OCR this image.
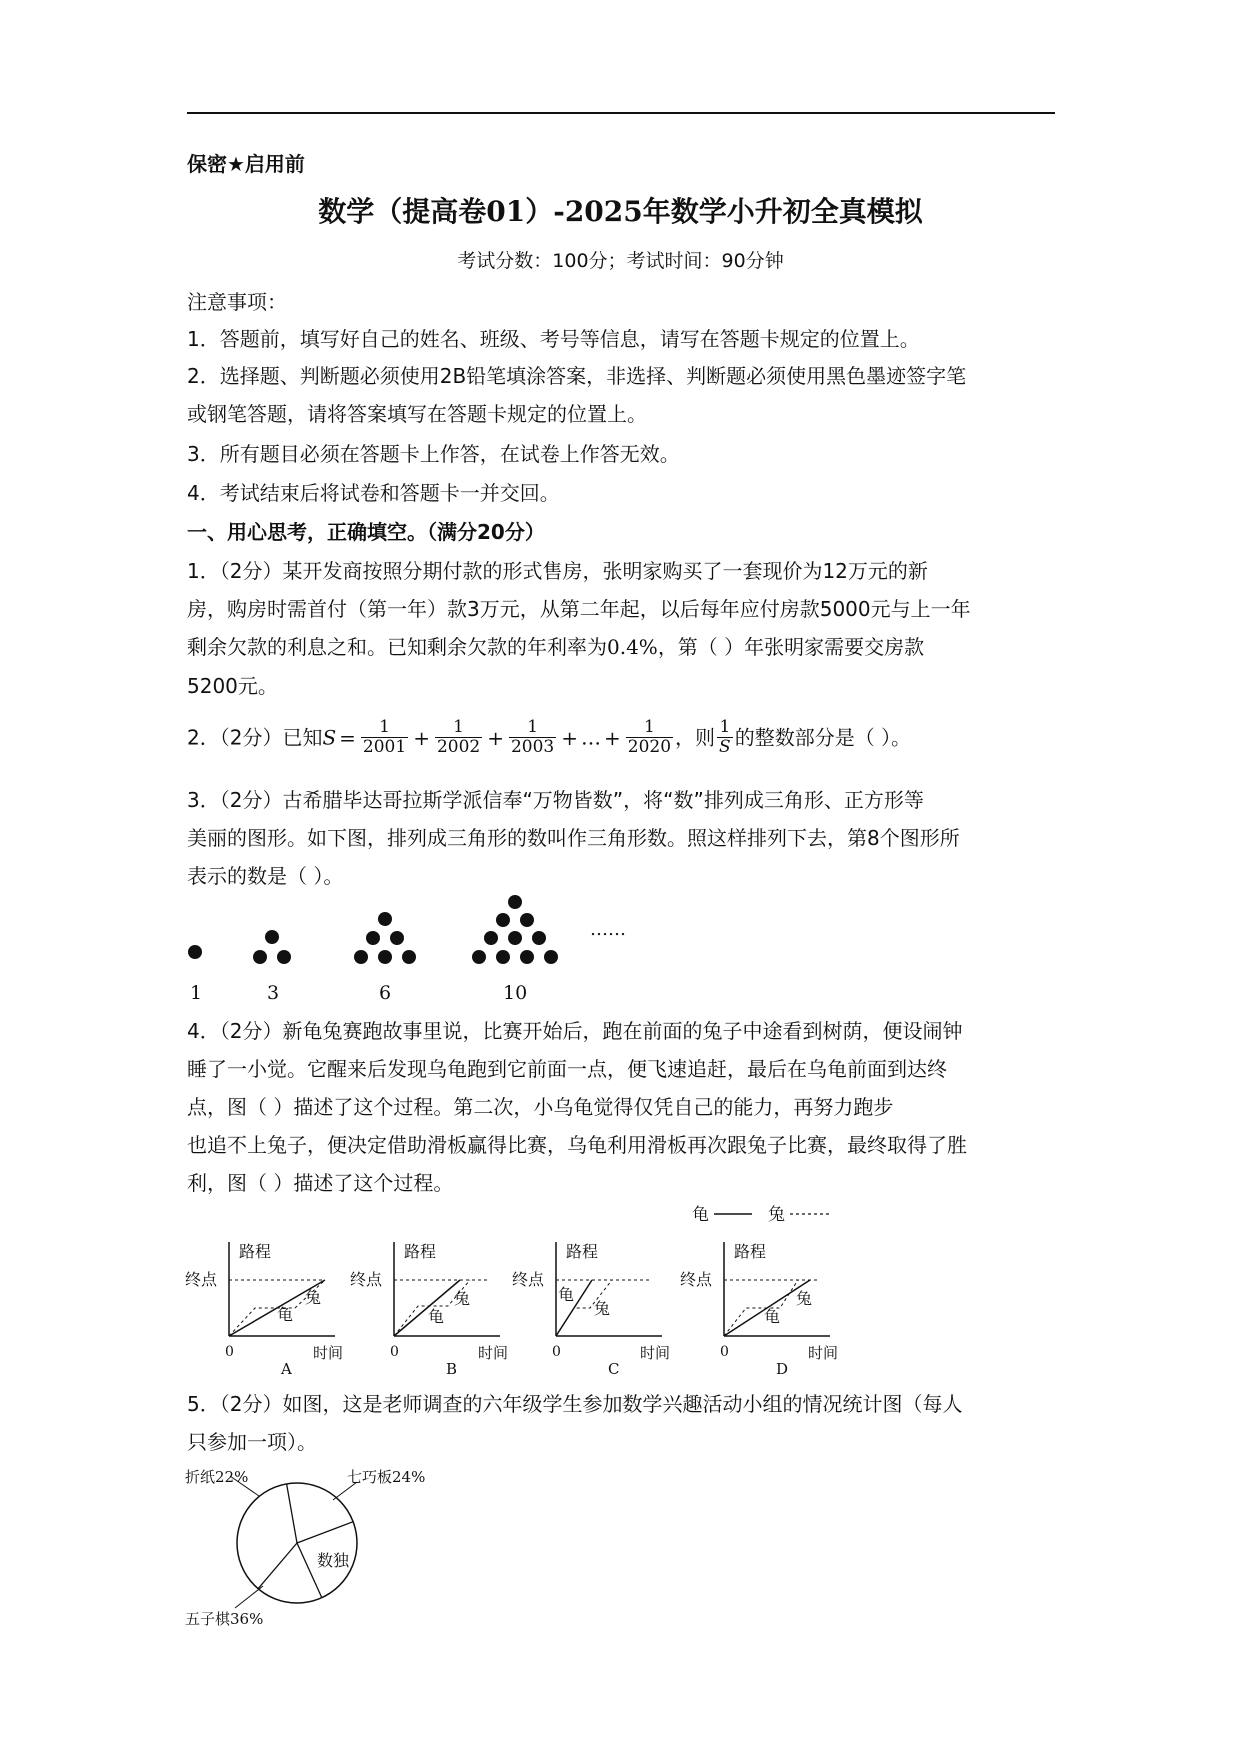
保密★启用前
数学（提高卷01）-2025年数学小升初全真模拟
考试分数：100分；考试时间：90分钟
注意事项：
1．答题前，填写好自己的姓名、班级、考号等信息，请写在答题卡规定的位置上。
2．选择题、判断题必须使用2B铅笔填涂答案，非选择、判断题必须使用黑色墨迹签字笔
或钢笔答题，请将答案填写在答题卡规定的位置上。
3．所有题目必须在答题卡上作答，在试卷上作答无效。
4．考试结束后将试卷和答题卡一并交回。
一、用心思考，正确填空。（满分20分）
1．（2分）某开发商按照分期付款的形式售房，张明家购买了一套现价为12万元的新
房，购房时需首付（第一年）款3万元，从第二年起，以后每年应付房款5000元与上一年
剩余欠款的利息之和。已知剩余欠款的年利率为0.4%，第（ ）年张明家需要交房款
5200元。
2．（2分）已知$S = \frac{1}{2001} + \frac{1}{2002} + \frac{1}{2003}$ + … + $\frac{1}{2020}$ ，则 $\frac{1}{S}$ 的整数部分是（ ）。
3．（2分）古希腊毕达哥拉斯学派信奉“万物皆数”，将“数”排列成三角形、正方形等
美丽的图形。如下图，排列成三角形的数叫作三角形数。照这样排列下去，第8个图形所
表示的数是（ ）。
1	3	6	10
……
4．（2分）新龟兔赛跑故事里说，比赛开始后，跑在前面的兔子中途看到树荫，便设闹钟
睡了一小觉。它醒来后发现乌龟跑到它前面一点，便飞速追赶，最后在乌龟前面到达终
点，图（ ）描述了这个过程。第二次，小乌龟觉得仅凭自己的能力，再努力跑步
也追不上兔子，便决定借助滑板赢得比赛，乌龟利用滑板再次跟兔子比赛，最终取得了胜
利，图（ ）描述了这个过程。
龟	兔
路程
终点
龟
兔
0	时间
A
路程
终点
龟
兔
0	时间
B
路程
终点
龟
兔
0	时间
C
路程
终点
龟
兔
0	时间
D
5．（2分）如图，这是老师调查的六年级学生参加数学兴趣活动小组的情况统计图（每人
只参加一项）。
折纸22%	七巧板24%
数独
五子棋36%
